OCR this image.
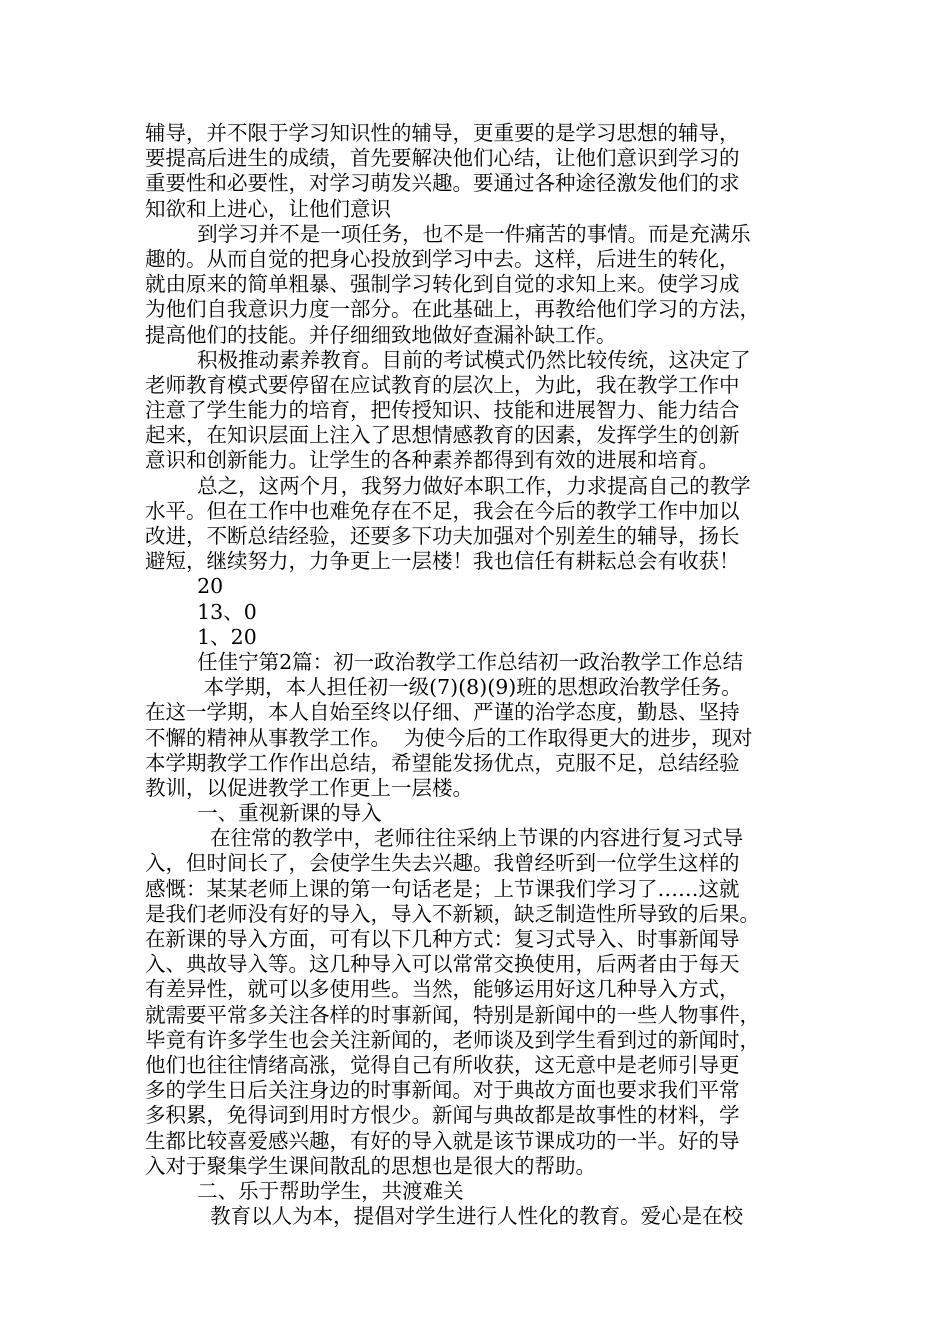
辅导，并不限于学习知识性的辅导，更重要的是学习思想的辅导，
要提高后进生的成绩，首先要解决他们心结，让他们意识到学习的
重要性和必要性，对学习萌发兴趣。要通过各种途径激发他们的求
知欲和上进心，让他们意识
到学习并不是一项任务，也不是一件痛苦的事情。而是充满乐
趣的。从而自觉的把身心投放到学习中去。这样，后进生的转化，
就由原来的简单粗暴、强制学习转化到自觉的求知上来。使学习成
为他们自我意识力度一部分。在此基础上，再教给他们学习的方法，
提高他们的技能。并仔细细致地做好查漏补缺工作。
积极推动素养教育。目前的考试模式仍然比较传统，这决定了
老师教育模式要停留在应试教育的层次上，为此，我在教学工作中
注意了学生能力的培育，把传授知识、技能和进展智力、能力结合
起来，在知识层面上注入了思想情感教育的因素，发挥学生的创新
意识和创新能力。让学生的各种素养都得到有效的进展和培育。
总之，这两个月，我努力做好本职工作，力求提高自己的教学
水平。但在工作中也难免存在不足，我会在今后的教学工作中加以
改进，不断总结经验，还要多下功夫加强对个别差生的辅导，扬长
避短，继续努力，力争更上一层楼！我也信任有耕耘总会有收获！
20
13、0
1、20
任佳宁第2篇：初一政治教学工作总结初一政治教学工作总结
本学期，本人担任初一级(7)(8)(9)班的思想政治教学任务。
在这一学期，本人自始至终以仔细、严谨的治学态度，勤恳、坚持
不懈的精神从事教学工作。  为使今后的工作取得更大的进步，现对
本学期教学工作作出总结，希望能发扬优点，克服不足，总结经验
教训，以促进教学工作更上一层楼。
一、重视新课的导入
在往常的教学中，老师往往采纳上节课的内容进行复习式导
入，但时间长了，会使学生失去兴趣。我曾经听到一位学生这样的
感慨：某某老师上课的第一句话老是；上节课我们学习了……这就
是我们老师没有好的导入，导入不新颖，缺乏制造性所导致的后果。
在新课的导入方面，可有以下几种方式：复习式导入、时事新闻导
入、典故导入等。这几种导入可以常常交换使用，后两者由于每天
有差异性，就可以多使用些。当然，能够运用好这几种导入方式，
就需要平常多关注各样的时事新闻，特别是新闻中的一些人物事件，
毕竟有许多学生也会关注新闻的，老师谈及到学生看到过的新闻时，
他们也往往情绪高涨，觉得自己有所收获，这无意中是老师引导更
多的学生日后关注身边的时事新闻。对于典故方面也要求我们平常
多积累，免得词到用时方恨少。新闻与典故都是故事性的材料，学
生都比较喜爱感兴趣，有好的导入就是该节课成功的一半。好的导
入对于聚集学生课间散乱的思想也是很大的帮助。
二、乐于帮助学生，共渡难关
教育以人为本，提倡对学生进行人性化的教育。爱心是在校
